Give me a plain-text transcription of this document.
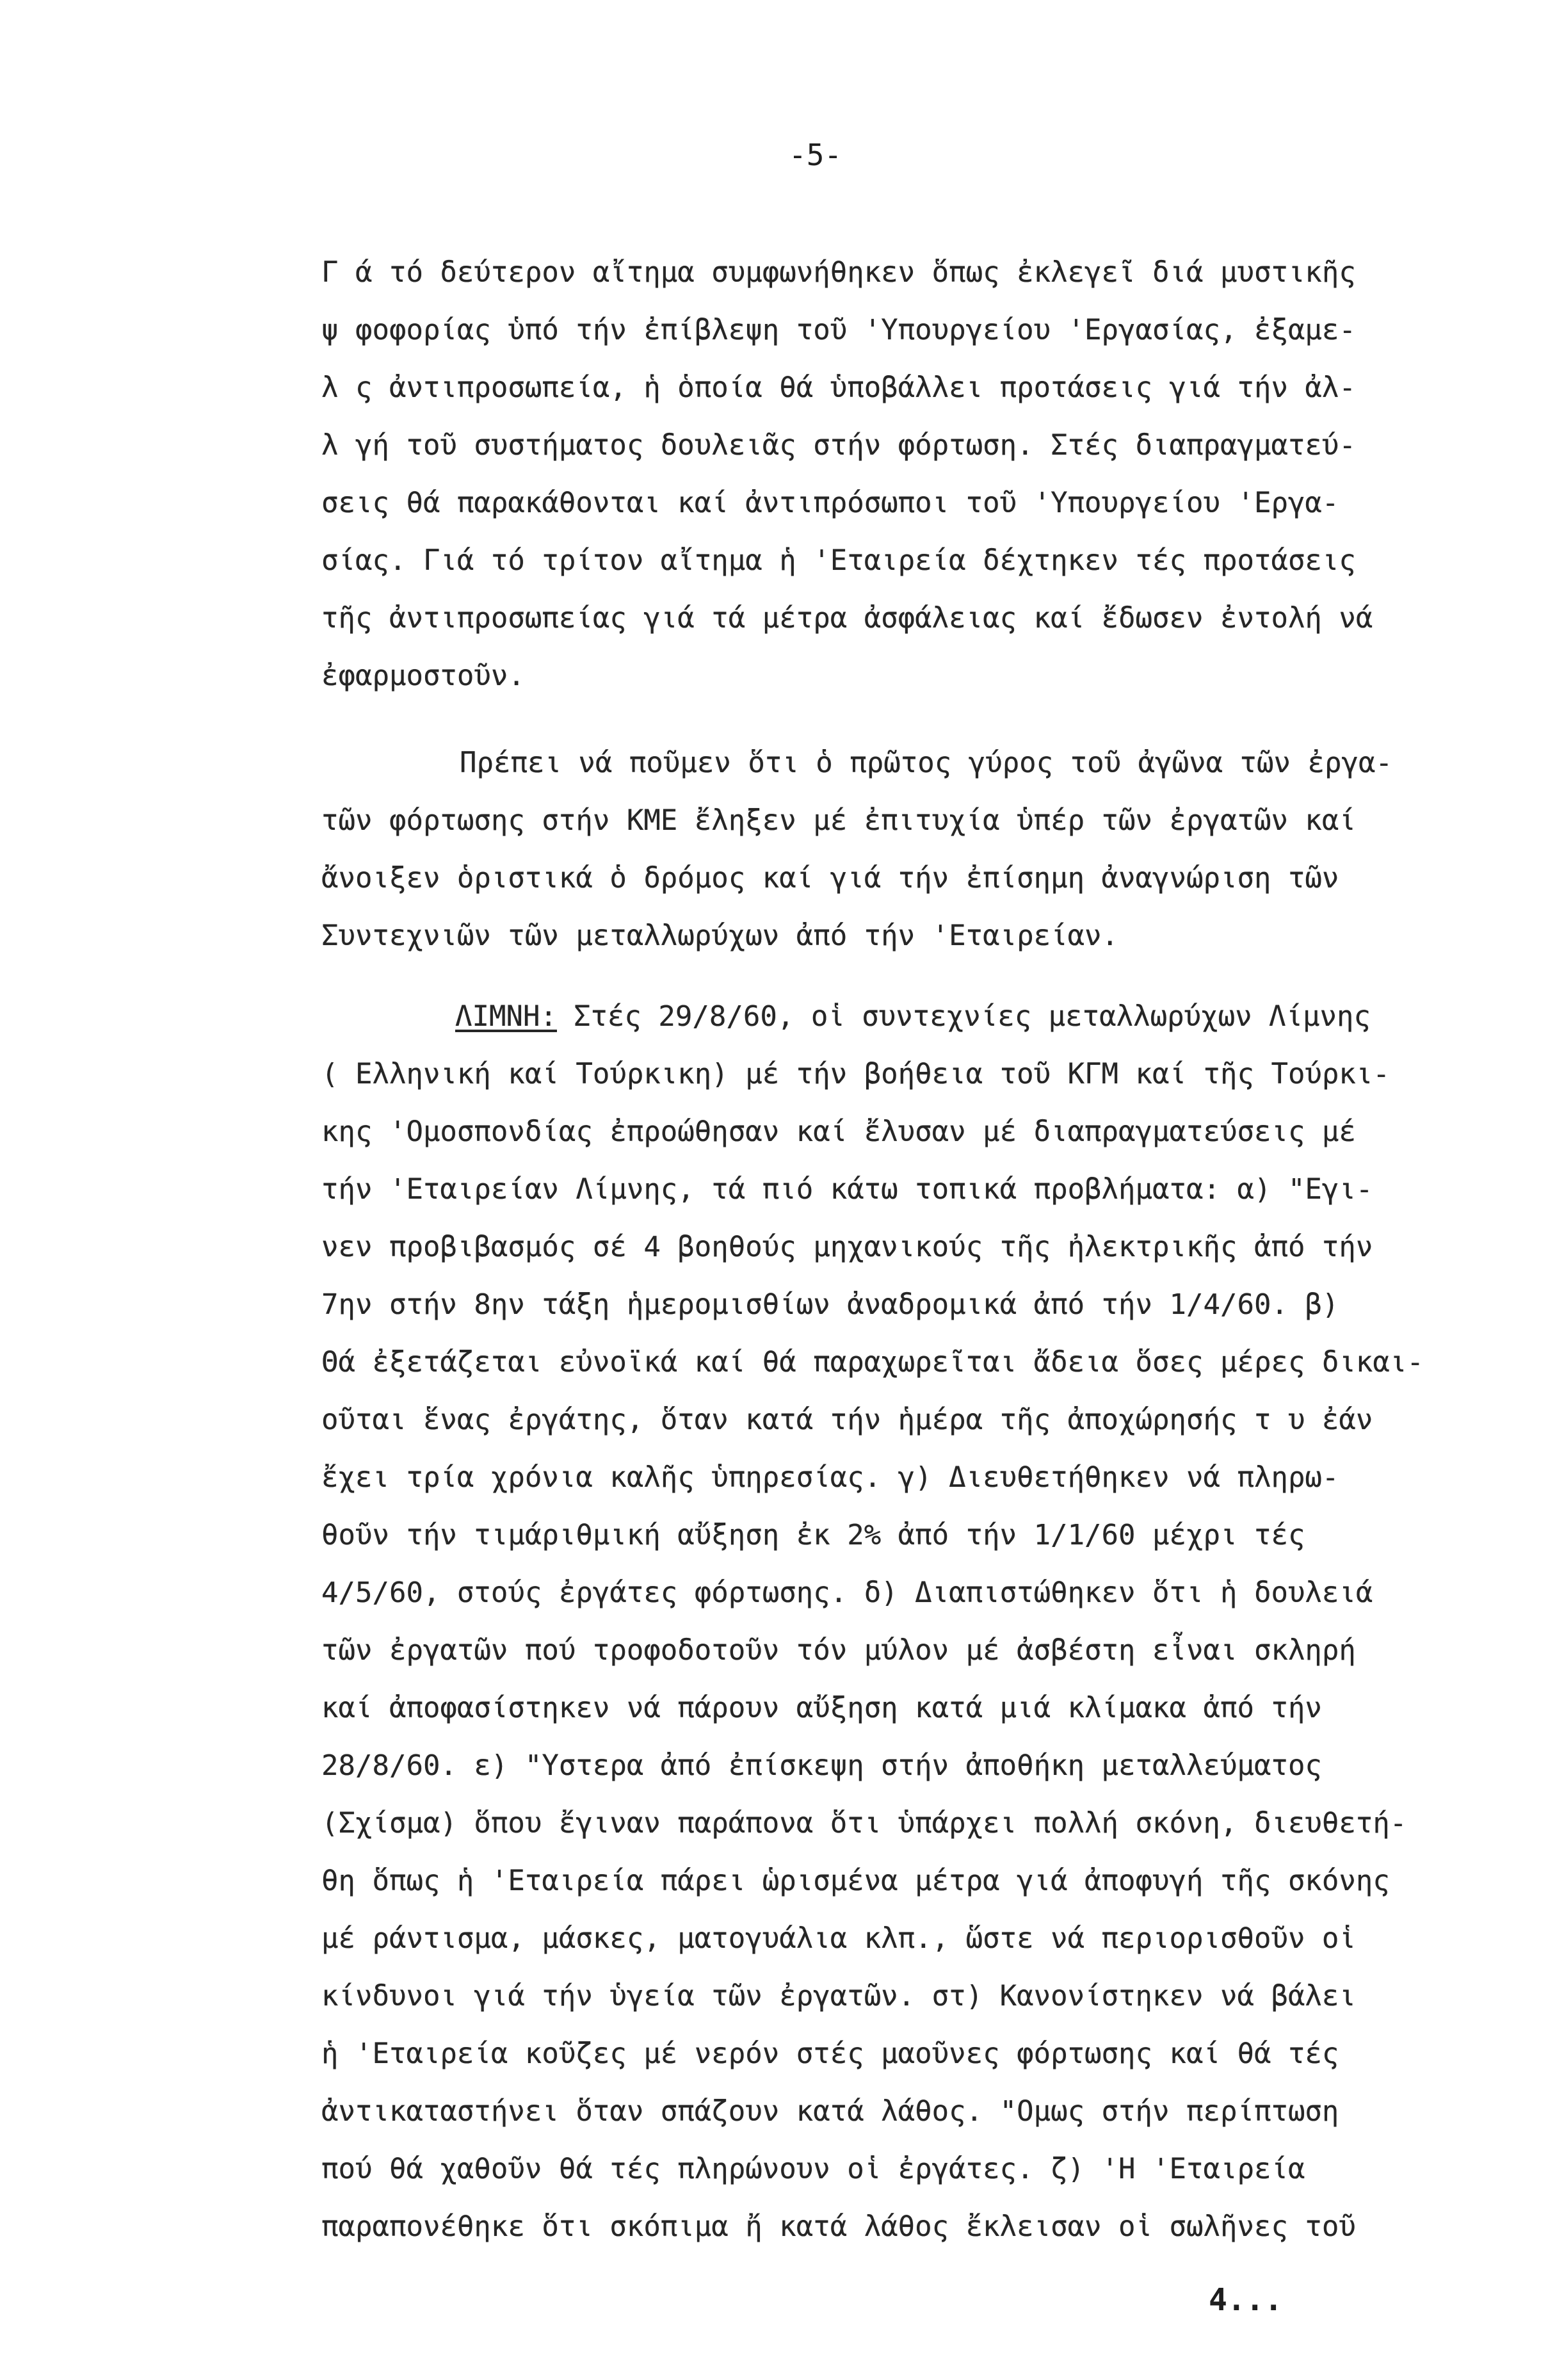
-5-
Γ ά τό δεύτερον αἴτημα συμφωνήθηκεν ὅπως ἐκλεγεῖ διά μυστικῆς
ψ φοφορίας ὑπό τήν ἐπίβλεψη τοῦ 'Υπουργείου 'Εργασίας, ἐξαμε-
λ ς ἀντιπροσωπεία, ἡ ὁποία θά ὑποβάλλει προτάσεις γιά τήν ἀλ-
λ γή τοῦ συστήματος δουλειᾶς στήν φόρτωση. Στές διαπραγματεύ-
σεις θά παρακάθονται καί ἀντιπρόσωποι τοῦ 'Υπουργείου 'Εργα-
σίας. Γιά τό τρίτον αἴτημα ἡ 'Εταιρεία δέχτηκεν τές προτάσεις
τῆς ἀντιπροσωπείας γιά τά μέτρα ἀσφάλειας καί ἔδωσεν ἐντολή νά
ἐφαρμοστοῦν.
Πρέπει νά ποῦμεν ὅτι ὁ πρῶτος γύρος τοῦ ἀγῶνα τῶν ἐργα-
τῶν φόρτωσης στήν ΚΜΕ ἔληξεν μέ ἐπιτυχία ὑπέρ τῶν ἐργατῶν καί
ἄνοιξεν ὁριστικά ὁ δρόμος καί γιά τήν ἐπίσημη ἀναγνώριση τῶν
Συντεχνιῶν τῶν μεταλλωρύχων ἀπό τήν 'Εταιρείαν.
ΛΙΜΝΗ: Στές 29/8/60, οἱ συντεχνίες μεταλλωρύχων Λίμνης
( Ελληνική καί Τούρκικη) μέ τήν βοήθεια τοῦ ΚΓΜ καί τῆς Τούρκι-
κης 'Ομοσπονδίας ἐπροώθησαν καί ἔλυσαν μέ διαπραγματεύσεις μέ
τήν 'Εταιρείαν Λίμνης, τά πιό κάτω τοπικά προβλήματα: α) "Εγι-
νεν προβιβασμός σέ 4 βοηθούς μηχανικούς τῆς ἠλεκτρικῆς ἀπό τήν
7ην στήν 8ην τάξη ἡμερομισθίων ἀναδρομικά ἀπό τήν 1/4/60. β)
Θά ἐξετάζεται εὐνοϊκά καί θά παραχωρεῖται ἄδεια ὅσες μέρες δικαι-
οῦται ἕνας ἐργάτης, ὅταν κατά τήν ἡμέρα τῆς ἀποχώρησής τ υ ἐάν
ἔχει τρία χρόνια καλῆς ὑπηρεσίας. γ) Διευθετήθηκεν νά πληρω-
θοῦν τήν τιμάριθμική αὔξηση ἐκ 2% ἀπό τήν 1/1/60 μέχρι τές
4/5/60, στούς ἐργάτες φόρτωσης. δ) Διαπιστώθηκεν ὅτι ἡ δουλειά
τῶν ἐργατῶν πού τροφοδοτοῦν τόν μύλον μέ ἀσβέστη εἶναι σκληρή
καί ἀποφασίστηκεν νά πάρουν αὔξηση κατά μιά κλίμακα ἀπό τήν
28/8/60. ε) "Υστερα ἀπό ἐπίσκεψη στήν ἀποθήκη μεταλλεύματος
(Σχίσμα) ὅπου ἔγιναν παράπονα ὅτι ὑπάρχει πολλή σκόνη, διευθετή-
θη ὅπως ἡ 'Εταιρεία πάρει ὡρισμένα μέτρα γιά ἀποφυγή τῆς σκόνης
μέ ράντισμα, μάσκες, ματογυάλια κλπ., ὥστε νά περιορισθοῦν οἱ
κίνδυνοι γιά τήν ὑγεία τῶν ἐργατῶν. στ) Κανονίστηκεν νά βάλει
ἡ 'Εταιρεία κοῦζες μέ νερόν στές μαοῦνες φόρτωσης καί θά τές
ἀντικαταστήνει ὅταν σπάζουν κατά λάθος. "Ομως στήν περίπτωση
πού θά χαθοῦν θά τές πληρώνουν οἱ ἐργάτες. ζ) 'Η 'Εταιρεία
παραπονέθηκε ὅτι σκόπιμα ἤ κατά λάθος ἔκλεισαν οἱ σωλῆνες τοῦ
4...
